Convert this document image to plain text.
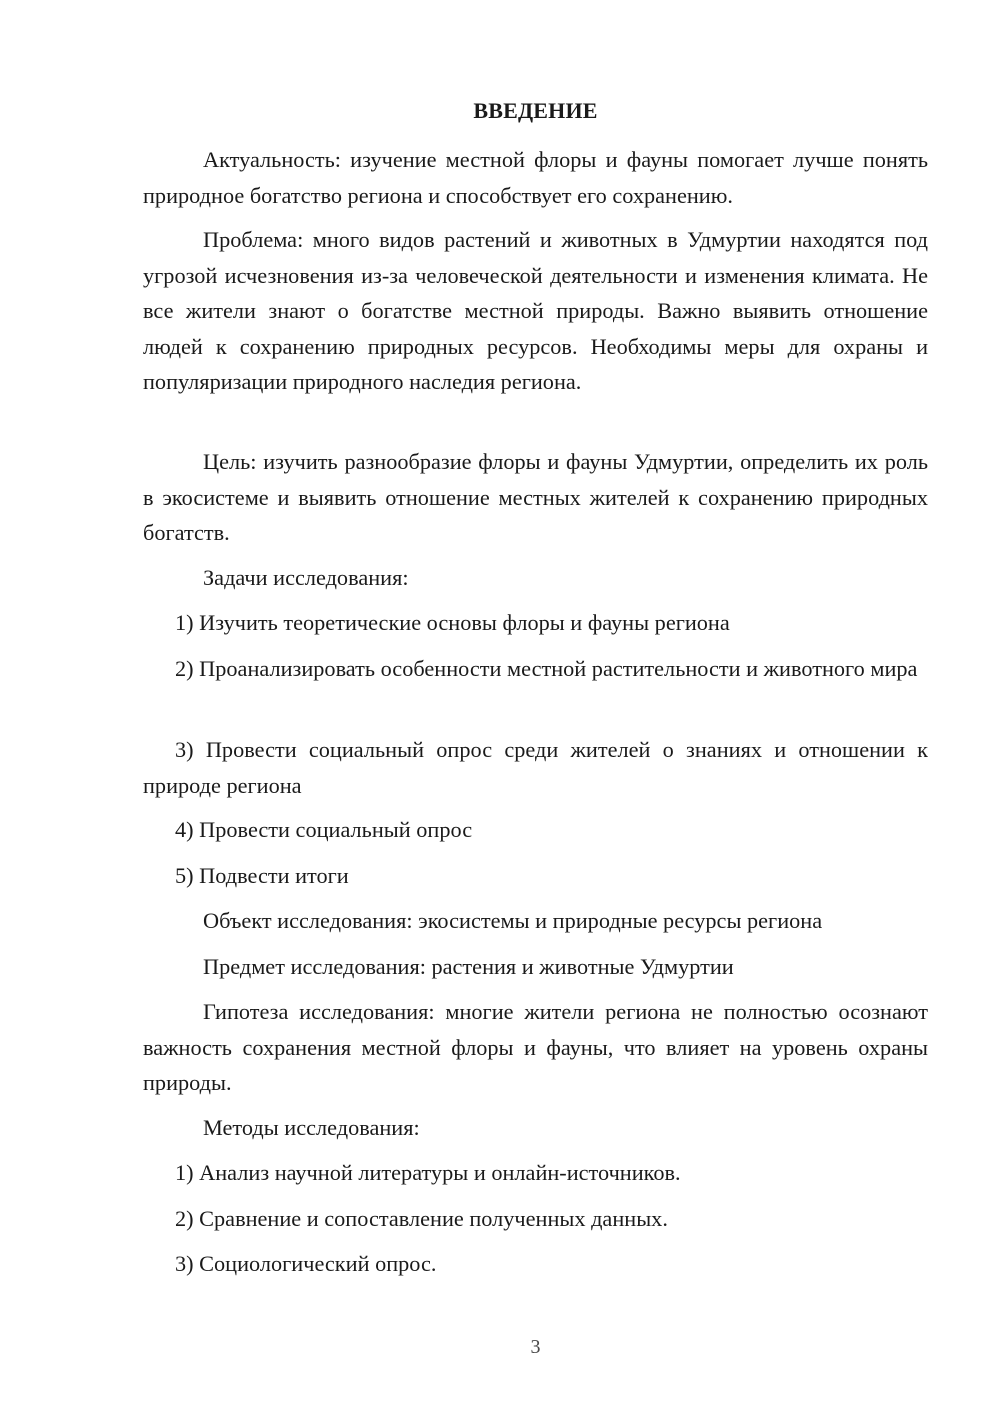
ВВЕДЕНИЕ

Актуальность: изучение местной флоры и фауны помогает лучше понять природное богатство региона и способствует его сохранению.

Проблема: много видов растений и животных в Удмуртии находятся под угрозой исчезновения из-за человеческой деятельности и изменения климата. Не все жители знают о богатстве местной природы. Важно выявить отношение людей к сохранению природных ресурсов. Необходимы меры для охраны и популяризации природного наследия региона.

Цель: изучить разнообразие флоры и фауны Удмуртии, определить их роль в экосистеме и выявить отношение местных жителей к сохранению природных богатств.

Задачи исследования:

1) Изучить теоретические основы флоры и фауны региона

2) Проанализировать особенности местной растительности и животного мира

3) Провести социальный опрос среди жителей о знаниях и отношении к природе региона

4) Провести социальный опрос

5) Подвести итоги

Объект исследования: экосистемы и природные ресурсы региона

Предмет исследования: растения и животные Удмуртии

Гипотеза исследования: многие жители региона не полностью осознают важность сохранения местной флоры и фауны, что влияет на уровень охраны природы.

Методы исследования:

1) Анализ научной литературы и онлайн-источников.

2) Сравнение и сопоставление полученных данных.

3) Социологический опрос.

3
